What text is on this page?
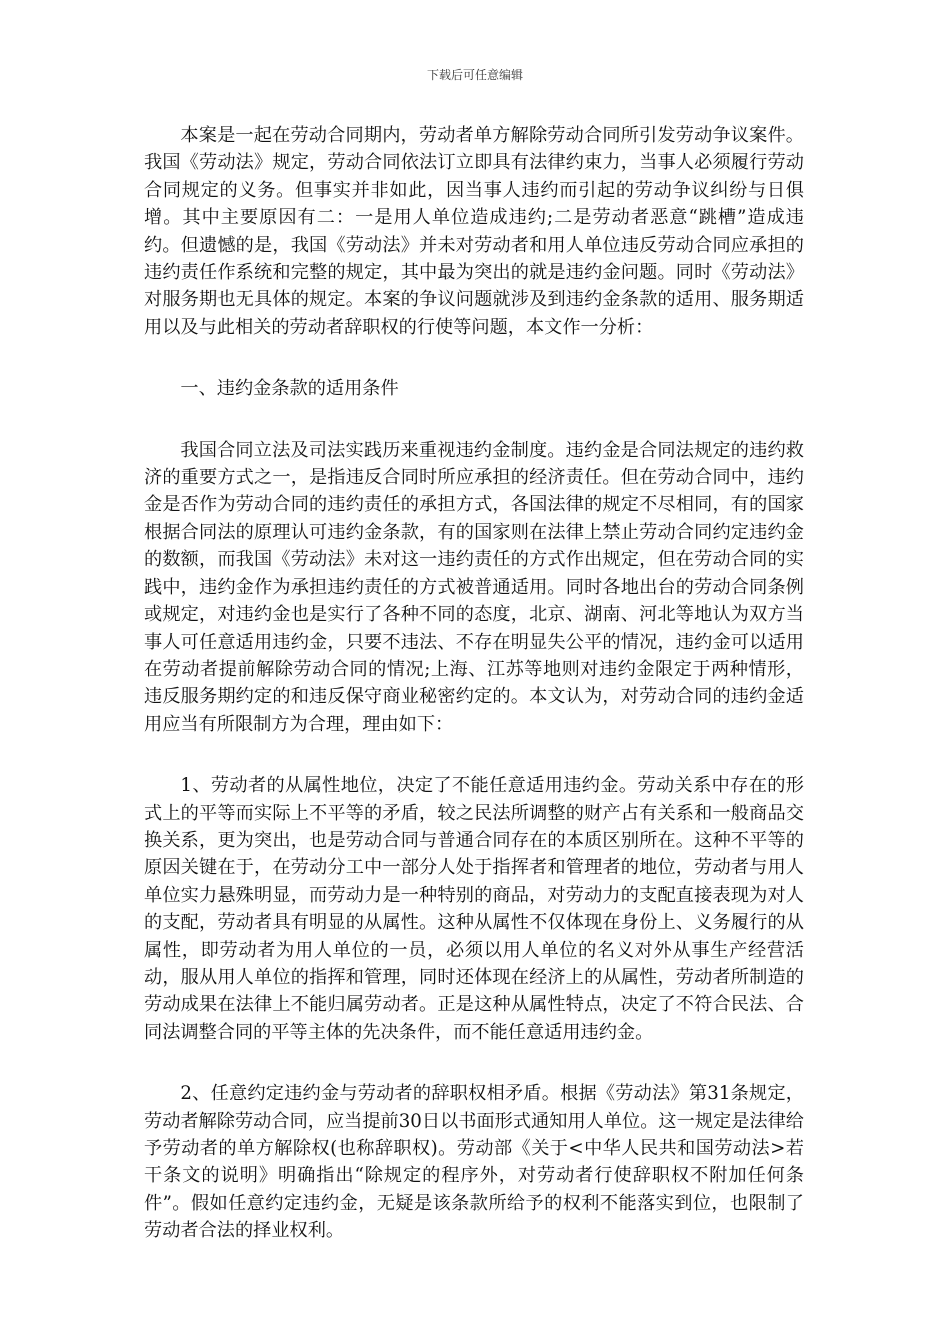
下载后可任意编辑

本案是一起在劳动合同期内，劳动者单方解除劳动合同所引发劳动争议案件。我国《劳动法》规定，劳动合同依法订立即具有法律约束力，当事人必须履行劳动合同规定的义务。但事实并非如此，因当事人违约而引起的劳动争议纠纷与日俱增。其中主要原因有二：一是用人单位造成违约;二是劳动者恶意“跳槽”造成违约。但遗憾的是，我国《劳动法》并未对劳动者和用人单位违反劳动合同应承担的违约责任作系统和完整的规定，其中最为突出的就是违约金问题。同时《劳动法》对服务期也无具体的规定。本案的争议问题就涉及到违约金条款的适用、服务期适用以及与此相关的劳动者辞职权的行使等问题，本文作一分析：

一、违约金条款的适用条件

我国合同立法及司法实践历来重视违约金制度。违约金是合同法规定的违约救济的重要方式之一，是指违反合同时所应承担的经济责任。但在劳动合同中，违约金是否作为劳动合同的违约责任的承担方式，各国法律的规定不尽相同，有的国家根据合同法的原理认可违约金条款，有的国家则在法律上禁止劳动合同约定违约金的数额，而我国《劳动法》未对这一违约责任的方式作出规定，但在劳动合同的实践中，违约金作为承担违约责任的方式被普通适用。同时各地出台的劳动合同条例或规定，对违约金也是实行了各种不同的态度，北京、湖南、河北等地认为双方当事人可任意适用违约金，只要不违法、不存在明显失公平的情况，违约金可以适用在劳动者提前解除劳动合同的情况;上海、江苏等地则对违约金限定于两种情形，违反服务期约定的和违反保守商业秘密约定的。本文认为，对劳动合同的违约金适用应当有所限制方为合理，理由如下：

1、劳动者的从属性地位，决定了不能任意适用违约金。劳动关系中存在的形式上的平等而实际上不平等的矛盾，较之民法所调整的财产占有关系和一般商品交换关系，更为突出，也是劳动合同与普通合同存在的本质区别所在。这种不平等的原因关键在于，在劳动分工中一部分人处于指挥者和管理者的地位，劳动者与用人单位实力悬殊明显，而劳动力是一种特别的商品，对劳动力的支配直接表现为对人的支配，劳动者具有明显的从属性。这种从属性不仅体现在身份上、义务履行的从属性，即劳动者为用人单位的一员，必须以用人单位的名义对外从事生产经营活动，服从用人单位的指挥和管理，同时还体现在经济上的从属性，劳动者所制造的劳动成果在法律上不能归属劳动者。正是这种从属性特点，决定了不符合民法、合同法调整合同的平等主体的先决条件，而不能任意适用违约金。

2、任意约定违约金与劳动者的辞职权相矛盾。根据《劳动法》第31条规定，劳动者解除劳动合同，应当提前30日以书面形式通知用人单位。这一规定是法律给予劳动者的单方解除权(也称辞职权)。劳动部《关于<中华人民共和国劳动法>若干条文的说明》明确指出“除规定的程序外，对劳动者行使辞职权不附加任何条件”。假如任意约定违约金，无疑是该条款所给予的权利不能落实到位，也限制了劳动者合法的择业权利。
